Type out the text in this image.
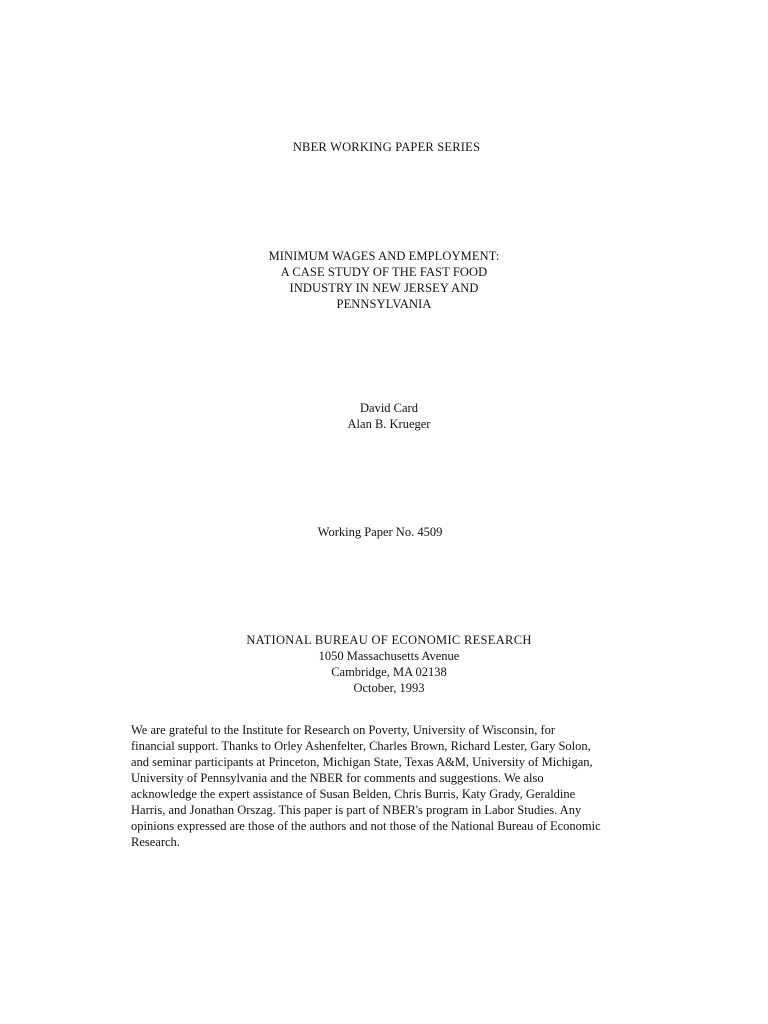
NBER WORKING PAPER SERIES
MINIMUM WAGES AND EMPLOYMENT:
A CASE STUDY OF THE FAST FOOD
INDUSTRY IN NEW JERSEY AND
PENNSYLVANIA
David Card
Alan B. Krueger
Working Paper No. 4509
NATIONAL BUREAU OF ECONOMIC RESEARCH
1050 Massachusetts Avenue
Cambridge, MA 02138
October, 1993
We are grateful to the Institute for Research on Poverty, University of Wisconsin, for
financial support. Thanks to Orley Ashenfelter, Charles Brown, Richard Lester, Gary Solon,
and seminar participants at Princeton, Michigan State, Texas A&M, University of Michigan,
University of Pennsylvania and the NBER for comments and suggestions. We also
acknowledge the expert assistance of Susan Belden, Chris Burris, Katy Grady, Geraldine
Harris, and Jonathan Orszag. This paper is part of NBER's program in Labor Studies. Any
opinions expressed are those of the authors and not those of the National Bureau of Economic
Research.
